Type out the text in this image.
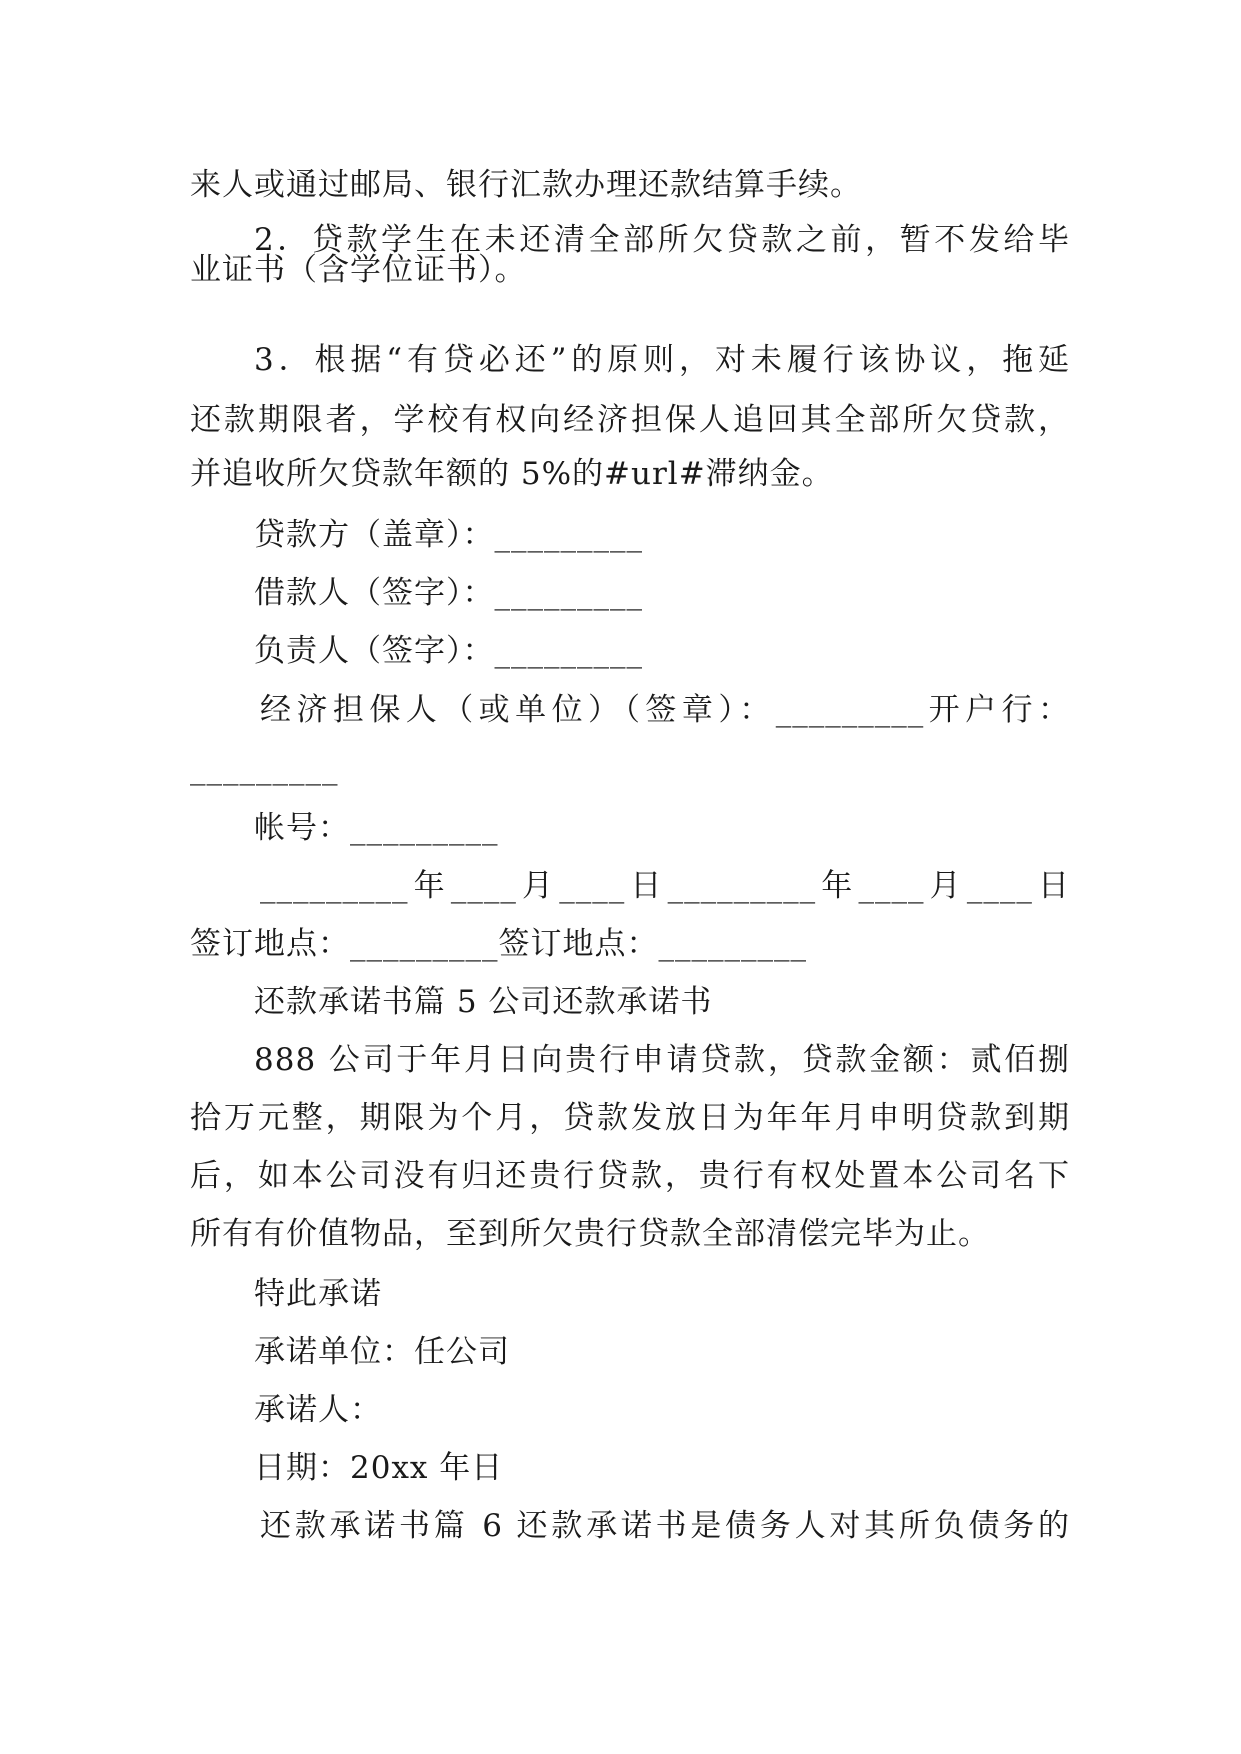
来人或通过邮局、银行汇款办理还款结算手续。
2．贷款学生在未还清全部所欠贷款之前，暂不发给毕
业证书（含学位证书）。
3．根据“有贷必还”的原则，对未履行该协议，拖延
还款期限者，学校有权向经济担保人追回其全部所欠贷款，
并追收所欠贷款年额的 5%的#url#滞纳金。
贷款方（盖章）：_________
借款人（签字）：_________
负责人（签字）：_________
经济担保人（或单位）（签章）：_________开户行：
_________
帐号：_________
_________年____月____日_________年____月____日
签订地点：_________签订地点：_________
还款承诺书篇 5 公司还款承诺书
888 公司于年月日向贵行申请贷款，贷款金额：贰佰捌
拾万元整，期限为个月，贷款发放日为年年月申明贷款到期
后，如本公司没有归还贵行贷款，贵行有权处置本公司名下
所有有价值物品，至到所欠贵行贷款全部清偿完毕为止。
特此承诺
承诺单位：任公司
承诺人：
日期：20xx 年日
还款承诺书篇 6 还款承诺书是债务人对其所负债务的
